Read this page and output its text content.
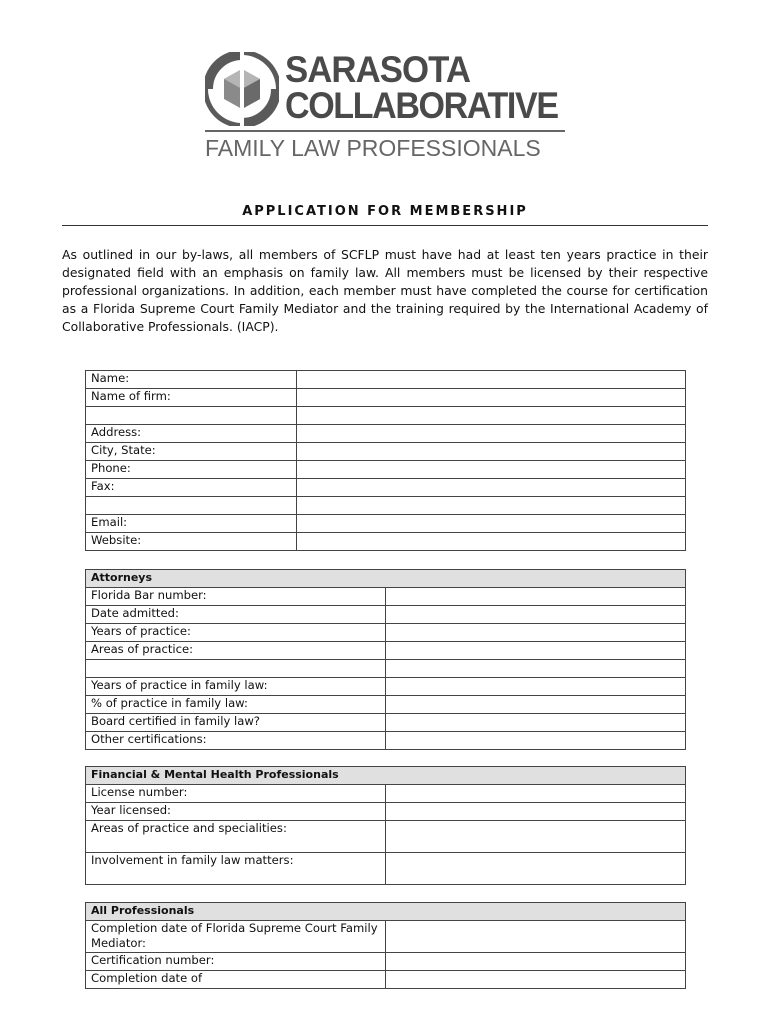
SARASOTA
COLLABORATIVE
FAMILY LAW PROFESSIONALS
APPLICATION FOR MEMBERSHIP
As outlined in our by-laws, all members of SCFLP must have had at least ten years practice in their designated field with an emphasis on family law. All members must be licensed by their respective professional organizations. In addition, each member must have completed the course for certification as a Florida Supreme Court Family Mediator and the training required by the International Academy of Collaborative Professionals. (IACP).
Name:	
Name of firm:	

Address:	
City, State:	
Phone:	
Fax:	

Email:	
Website:	
Attorneys	
Florida Bar number:	
Date admitted:	
Years of practice:	
Areas of practice:	

Years of practice in family law:	
% of practice in family law:	
Board certified in family law?	
Other certifications:	
Financial & Mental Health Professionals	
License number:	
Year licensed:	
Areas of practice and specialities:	
Involvement in family law matters:	
All Professionals	
Completion date of Florida Supreme Court Family Mediator:	
Certification number:	
Completion date of	
